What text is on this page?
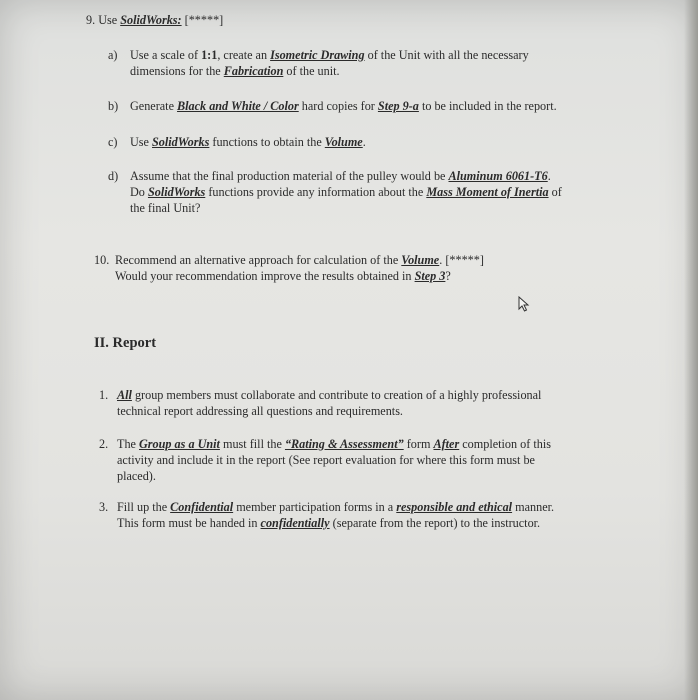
9. Use SolidWorks: [*****]
a) Use a scale of 1:1, create an Isometric Drawing of the Unit with all the necessary
dimensions for the Fabrication of the unit.
b) Generate Black and White / Color hard copies for Step 9-a to be included in the report.
c) Use SolidWorks functions to obtain the Volume.
d) Assume that the final production material of the pulley would be Aluminum 6061-T6.
Do SolidWorks functions provide any information about the Mass Moment of Inertia of
the final Unit?
10. Recommend an alternative approach for calculation of the Volume. [*****]
Would your recommendation improve the results obtained in Step 3?
II. Report
1. All group members must collaborate and contribute to creation of a highly professional
technical report addressing all questions and requirements.
2. The Group as a Unit must fill the “Rating & Assessment” form After completion of this
activity and include it in the report (See report evaluation for where this form must be
placed).
3. Fill up the Confidential member participation forms in a responsible and ethical manner.
This form must be handed in confidentially (separate from the report) to the instructor.
